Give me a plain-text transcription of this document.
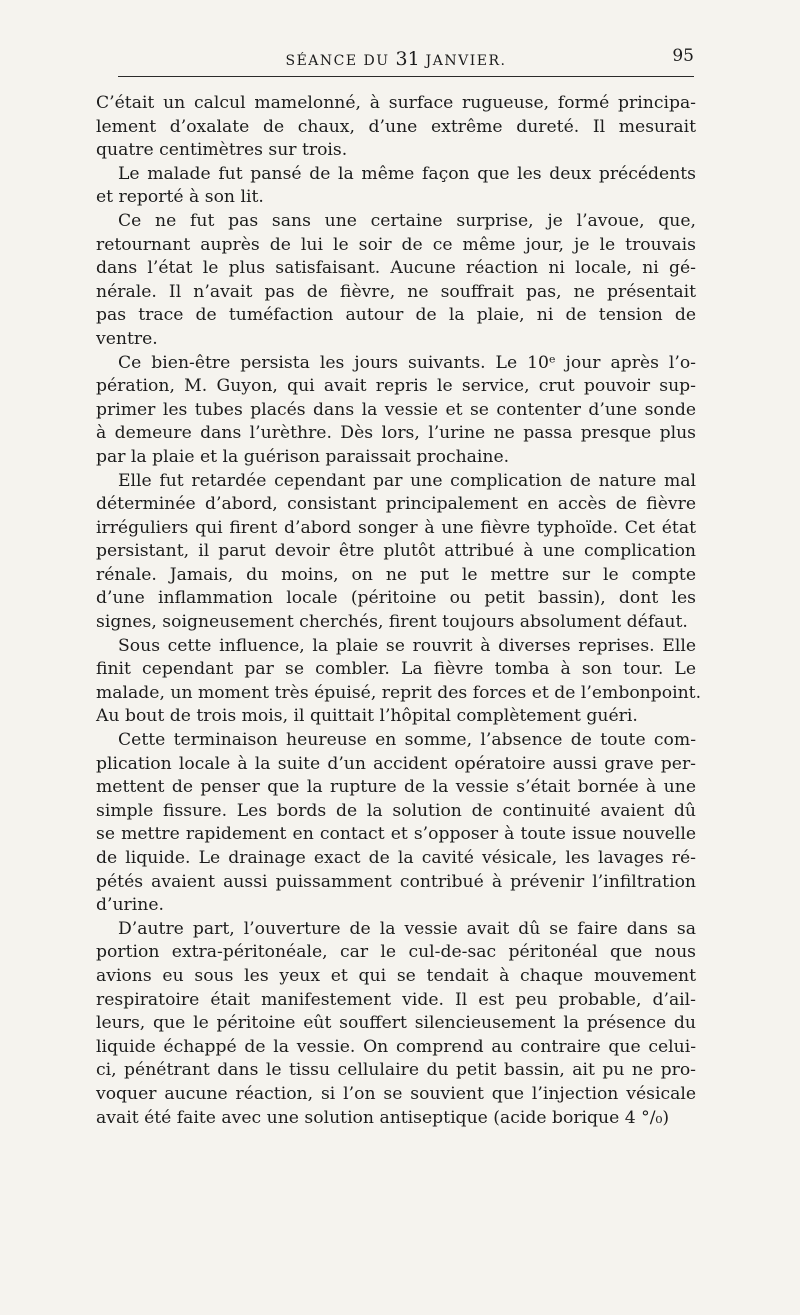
SÉANCE DU 31 JANVIER.	95
C’était un calcul mamelonné, à surface rugueuse, formé principa-
lement d’oxalate de chaux, d’une extrême dureté. Il mesurait
quatre centimètres sur trois.
Le malade fut pansé de la même façon que les deux précédents
et reporté à son lit.
Ce ne fut pas sans une certaine surprise, je l’avoue, que,
retournant auprès de lui le soir de ce même jour, je le trouvais
dans l’état le plus satisfaisant. Aucune réaction ni locale, ni gé-
nérale. Il n’avait pas de fièvre, ne souffrait pas, ne présentait
pas trace de tuméfaction autour de la plaie, ni de tension de
ventre.
Ce bien-être persista les jours suivants. Le 10ᵉ jour après l’o-
pération, M. Guyon, qui avait repris le service, crut pouvoir sup-
primer les tubes placés dans la vessie et se contenter d’une sonde
à demeure dans l’urèthre. Dès lors, l’urine ne passa presque plus
par la plaie et la guérison paraissait prochaine.
Elle fut retardée cependant par une complication de nature mal
déterminée d’abord, consistant principalement en accès de fièvre
irréguliers qui firent d’abord songer à une fièvre typhoïde. Cet état
persistant, il parut devoir être plutôt attribué à une complication
rénale. Jamais, du moins, on ne put le mettre sur le compte
d’une inflammation locale (péritoine ou petit bassin), dont les
signes, soigneusement cherchés, firent toujours absolument défaut.
Sous cette influence, la plaie se rouvrit à diverses reprises. Elle
finit cependant par se combler. La fièvre tomba à son tour. Le
malade, un moment très épuisé, reprit des forces et de l’embonpoint.
Au bout de trois mois, il quittait l’hôpital complètement guéri.
Cette terminaison heureuse en somme, l’absence de toute com-
plication locale à la suite d’un accident opératoire aussi grave per-
mettent de penser que la rupture de la vessie s’était bornée à une
simple fissure. Les bords de la solution de continuité avaient dû
se mettre rapidement en contact et s’opposer à toute issue nouvelle
de liquide. Le drainage exact de la cavité vésicale, les lavages ré-
pétés avaient aussi puissamment contribué à prévenir l’infiltration
d’urine.
D’autre part, l’ouverture de la vessie avait dû se faire dans sa
portion extra-péritonéale, car le cul-de-sac péritonéal que nous
avions eu sous les yeux et qui se tendait à chaque mouvement
respiratoire était manifestement vide. Il est peu probable, d’ail-
leurs, que le péritoine eût souffert silencieusement la présence du
liquide échappé de la vessie. On comprend au contraire que celui-
ci, pénétrant dans le tissu cellulaire du petit bassin, ait pu ne pro-
voquer aucune réaction, si l’on se souvient que l’injection vésicale
avait été faite avec une solution antiseptique (acide borique 4 °/₀)
